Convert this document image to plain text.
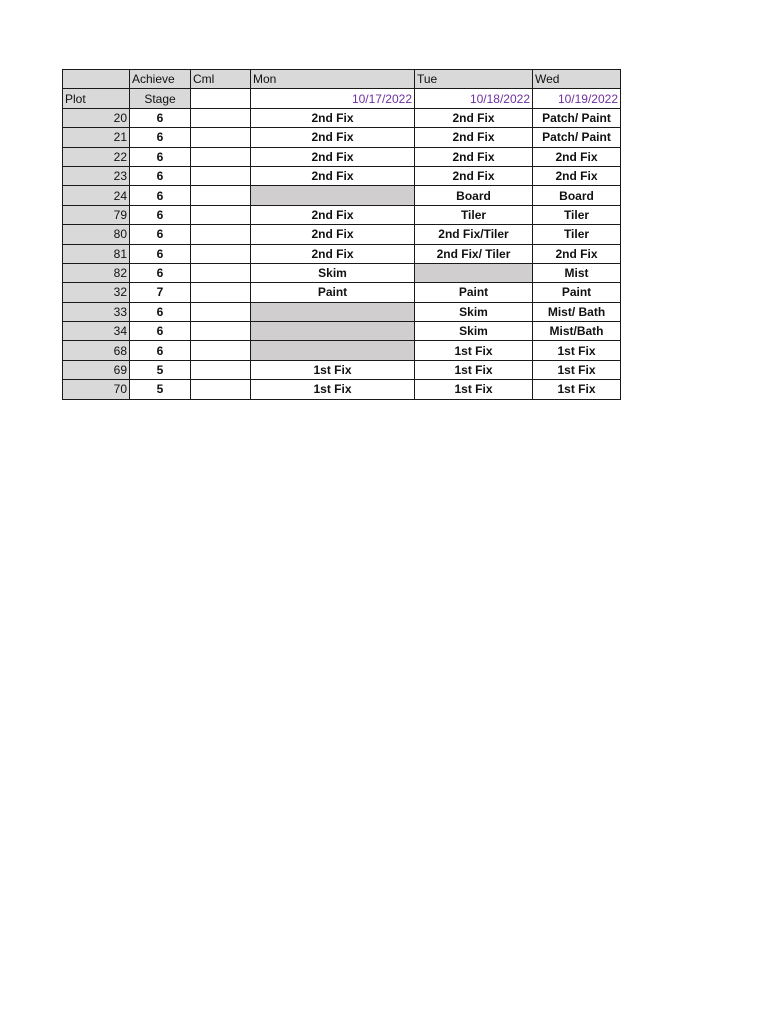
	Achieve	Cml	Mon	Tue	Wed
Plot	Stage		10/17/2022	10/18/2022	10/19/2022
20	6		2nd Fix	2nd Fix	Patch/ Paint
21	6		2nd Fix	2nd Fix	Patch/ Paint
22	6		2nd Fix	2nd Fix	2nd Fix
23	6		2nd Fix	2nd Fix	2nd Fix
24	6			Board	Board
79	6		2nd Fix	Tiler	Tiler
80	6		2nd Fix	2nd Fix/Tiler	Tiler
81	6		2nd Fix	2nd Fix/ Tiler	2nd Fix
82	6		Skim		Mist
32	7		Paint	Paint	Paint
33	6			Skim	Mist/ Bath
34	6			Skim	Mist/Bath
68	6			1st Fix	1st Fix
69	5		1st Fix	1st Fix	1st Fix
70	5		1st Fix	1st Fix	1st Fix
